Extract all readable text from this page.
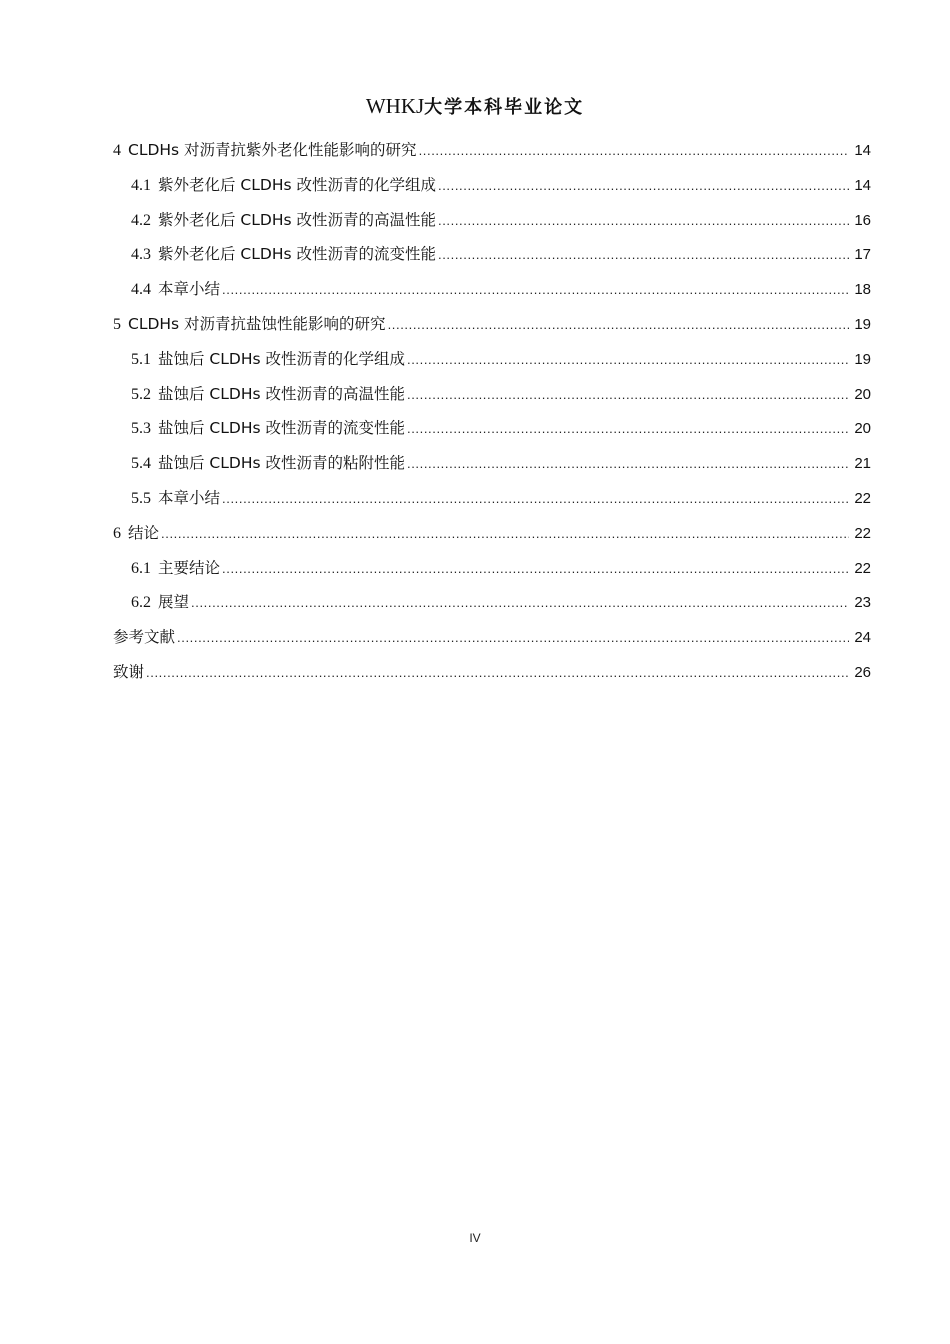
WHKJ大学本科毕业论文
4 CLDHs 对沥青抗紫外老化性能影响的研究 .....	14
4.1 紫外老化后 CLDHs 改性沥青的化学组成 .....	14
4.2 紫外老化后 CLDHs 改性沥青的高温性能 .....	16
4.3 紫外老化后 CLDHs 改性沥青的流变性能 .....	17
4.4 本章小结 .....	18
5 CLDHs 对沥青抗盐蚀性能影响的研究 .....	19
5.1 盐蚀后 CLDHs 改性沥青的化学组成 .....	19
5.2 盐蚀后 CLDHs 改性沥青的高温性能 .....	20
5.3 盐蚀后 CLDHs 改性沥青的流变性能 .....	20
5.4 盐蚀后 CLDHs 改性沥青的粘附性能 .....	21
5.5 本章小结 .....	22
6 结论 .....	22
6.1 主要结论 .....	22
6.2 展望 .....	23
参考文献 .....	24
致谢 .....	26
IV
